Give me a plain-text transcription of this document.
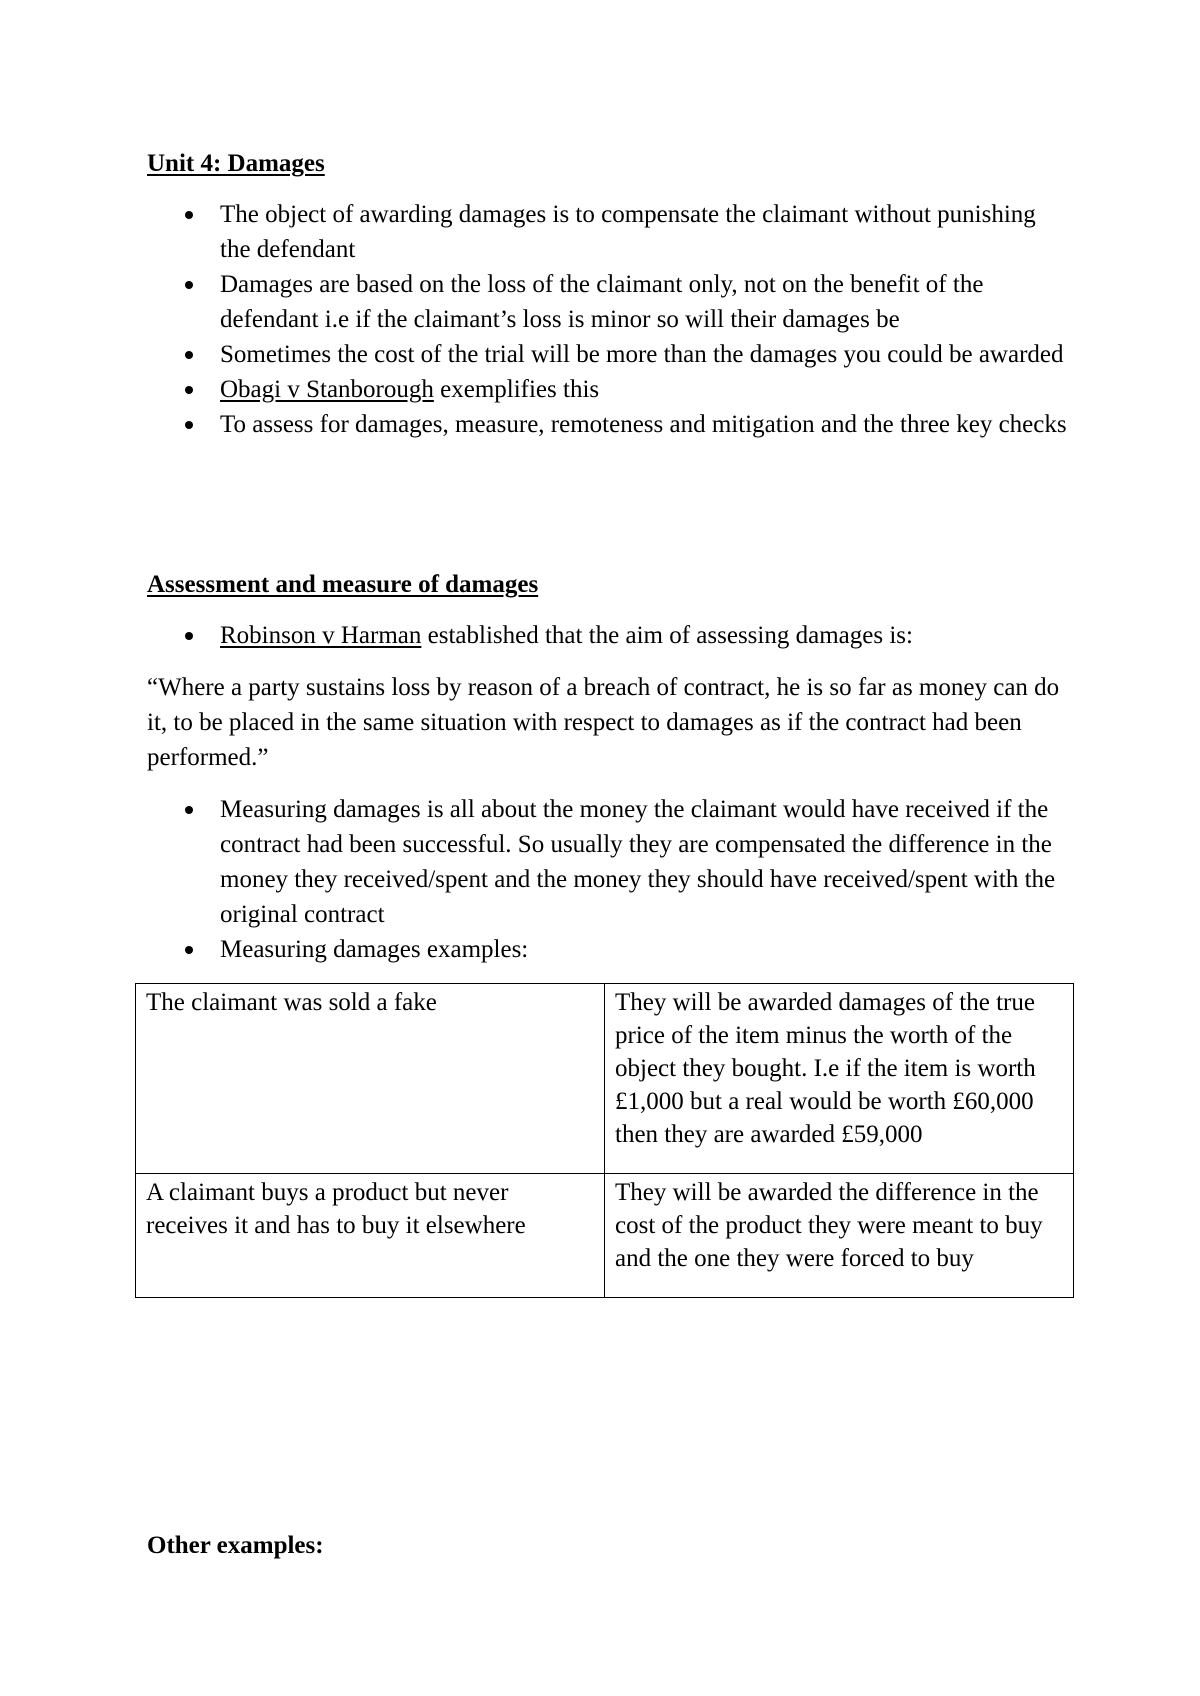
Unit 4: Damages
The object of awarding damages is to compensate the claimant without punishing the defendant
Damages are based on the loss of the claimant only, not on the benefit of the defendant i.e if the claimant’s loss is minor so will their damages be
Sometimes the cost of the trial will be more than the damages you could be awarded
Obagi v Stanborough exemplifies this
To assess for damages, measure, remoteness and mitigation and the three key checks
Assessment and measure of damages
Robinson v Harman established that the aim of assessing damages is:
“Where a party sustains loss by reason of a breach of contract, he is so far as money can do it, to be placed in the same situation with respect to damages as if the contract had been performed.”
Measuring damages is all about the money the claimant would have received if the contract had been successful. So usually they are compensated the difference in the money they received/spent and the money they should have received/spent with the original contract
Measuring damages examples:
The claimant was sold a fake	They will be awarded damages of the true price of the item minus the worth of the object they bought. I.e if the item is worth £1,000 but a real would be worth £60,000 then they are awarded £59,000
A claimant buys a product but never receives it and has to buy it elsewhere	They will be awarded the difference in the cost of the product they were meant to buy and the one they were forced to buy
Other examples:
